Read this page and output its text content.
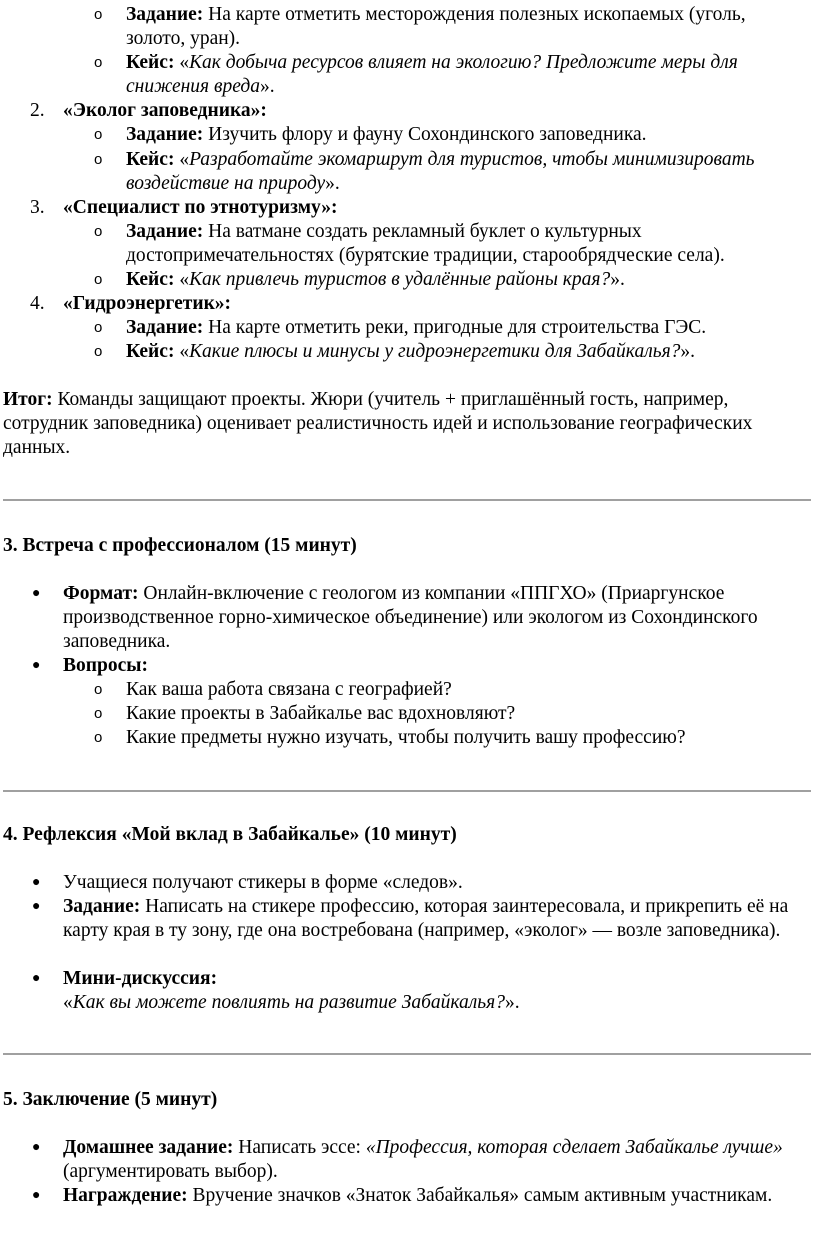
o Задание: На карте отметить месторождения полезных ископаемых (уголь, золото, уран).
o Кейс: «Как добыча ресурсов влияет на экологию? Предложите меры для снижения вреда».
2. «Эколог заповедника»:
o Задание: Изучить флору и фауну Сохондинского заповедника.
o Кейс: «Разработайте экомаршрут для туристов, чтобы минимизировать воздействие на природу».
3. «Специалист по этнотуризму»:
o Задание: На ватмане создать рекламный буклет о культурных достопримечательностях (бурятские традиции, старообрядческие села).
o Кейс: «Как привлечь туристов в удалённые районы края?».
4. «Гидроэнергетик»:
o Задание: На карте отметить реки, пригодные для строительства ГЭС.
o Кейс: «Какие плюсы и минусы у гидроэнергетики для Забайкалья?».
Итог: Команды защищают проекты. Жюри (учитель + приглашённый гость, например, сотрудник заповедника) оценивает реалистичность идей и использование географических данных.
3. Встреча с профессионалом (15 минут)
● Формат: Онлайн-включение с геологом из компании «ППГХО» (Приаргунское производственное горно-химическое объединение) или экологом из Сохондинского заповедника.
● Вопросы:
o Как ваша работа связана с географией?
o Какие проекты в Забайкалье вас вдохновляют?
o Какие предметы нужно изучать, чтобы получить вашу профессию?
4. Рефлексия «Мой вклад в Забайкалье» (10 минут)
● Учащиеся получают стикеры в форме «следов».
● Задание: Написать на стикере профессию, которая заинтересовала, и прикрепить её на карту края в ту зону, где она востребована (например, «эколог» — возле заповедника).
● Мини-дискуссия:
«Как вы можете повлиять на развитие Забайкалья?».
5. Заключение (5 минут)
● Домашнее задание: Написать эссе: «Профессия, которая сделает Забайкалье лучше» (аргументировать выбор).
● Награждение: Вручение значков «Знаток Забайкалья» самым активным участникам.
